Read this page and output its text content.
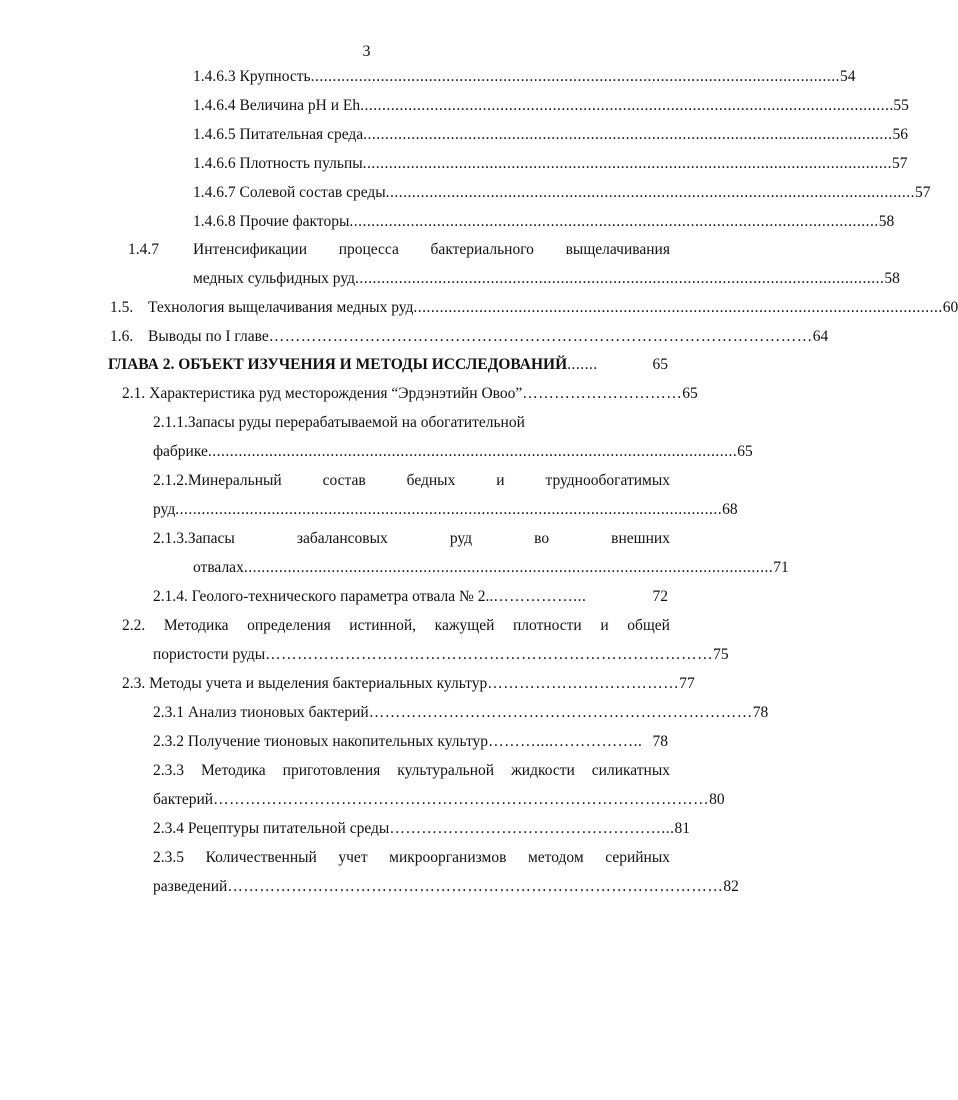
3
1.4.6.3 Крупность ......................................................................................................................... 54
1.4.6.4 Величина pH и Eh ......................................................................................................................... .55
1.4.6.5 Питательная среда ......................................................................................................................... 56
1.4.6.6 Плотность пульпы ......................................................................................................................... 57
1.4.6.7 Солевой состав среды ......................................................................................................................... 57
1.4.6.8 Прочие факторы ......................................................................................................................... 58
1.4.7 Интенсификации процесса бактериального выщелачивания
медных сульфидных руд ......................................................................................................................... 58
1.5. Технология выщелачивания медных руд ......................................................................................................................... 60
1.6. Выводы по I главе ………………………………………………………………………………………… 64
ГЛАВА 2. ОБЪЕКТ ИЗУЧЕНИЯ И МЕТОДЫ ИССЛЕДОВАНИЙ .......	65
2.1. Характеристика руд месторождения “Эрдэнэтийн Овоо” ………………………… 65
2.1.1.Запасы руды перерабатываемой на обогатительной
фабрике ......................................................................................................................... 65
2.1.2.Минеральный	состав	бедных	и	труднообогатимых
руд ............................................................................................................................. 68
2.1.3.Запасы	забалансовых	руд	во	внешних
отвалах ......................................................................................................................... 71
2.1.4. Геолого-технического параметра отвала № 2.. ……………...	72
2.2. Методика определения истинной, кажущей плотности и общей
пористости руды ………………………………………………………………………… 75
2.3. Методы учета и выделения бактериальных культур ……………………………… 77
2.3.1 Анализ тионовых бактерий ……………………………………………………………… 78
2.3.2 Получение тионовых накопительных культур ………....…………….. 78
2.3.3 Методика приготовления культуральной жидкости силикатных
бактерий ………………………………………………………………………………… 80
2.3.4 Рецептуры питательной среды ……………………………………………... 81
2.3.5 Количественный учет микроорганизмов методом серийных
разведений ………………………………………………………………………………… 82
